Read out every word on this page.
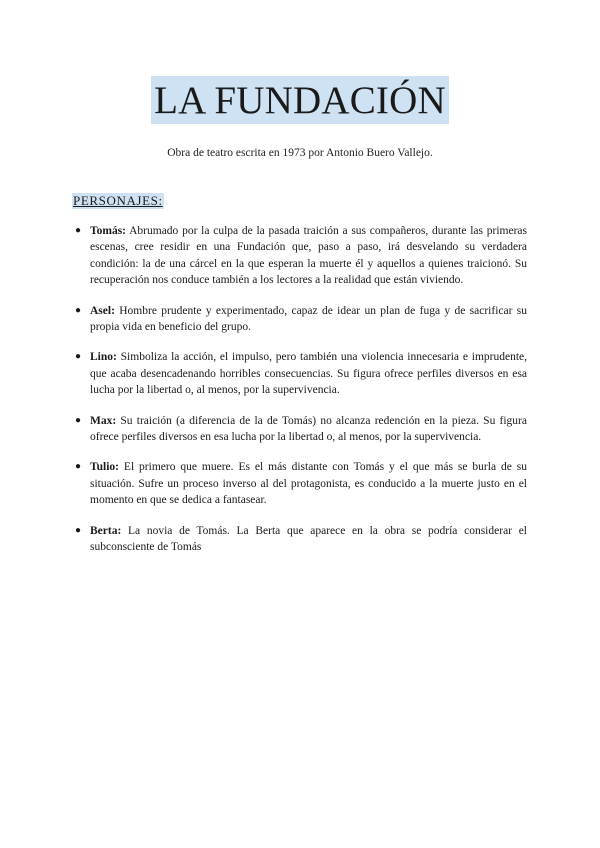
LA FUNDACIÓN
Obra de teatro escrita en 1973 por Antonio Buero Vallejo.
PERSONAJES:
● Tomás: Abrumado por la culpa de la pasada traición a sus compañeros, durante las primeras escenas, cree residir en una Fundación que, paso a paso, irá desvelando su verdadera condición: la de una cárcel en la que esperan la muerte él y aquellos a quienes traicionó. Su recuperación nos conduce también a los lectores a la realidad que están viviendo.
● Asel: Hombre prudente y experimentado, capaz de idear un plan de fuga y de sacrificar su propia vida en beneficio del grupo.
● Lino: Simboliza la acción, el impulso, pero también una violencia innecesaria e imprudente, que acaba desencadenando horribles consecuencias. Su figura ofrece perfiles diversos en esa lucha por la libertad o, al menos, por la supervivencia.
● Max: Su traición (a diferencia de la de Tomás) no alcanza redención en la pieza. Su figura ofrece perfiles diversos en esa lucha por la libertad o, al menos, por la supervivencia.
● Tulio: El primero que muere. Es el más distante con Tomás y el que más se burla de su situación. Sufre un proceso inverso al del protagonista, es conducido a la muerte justo en el momento en que se dedica a fantasear.
● Berta: La novia de Tomás. La Berta que aparece en la obra se podría considerar el subconsciente de Tomás
